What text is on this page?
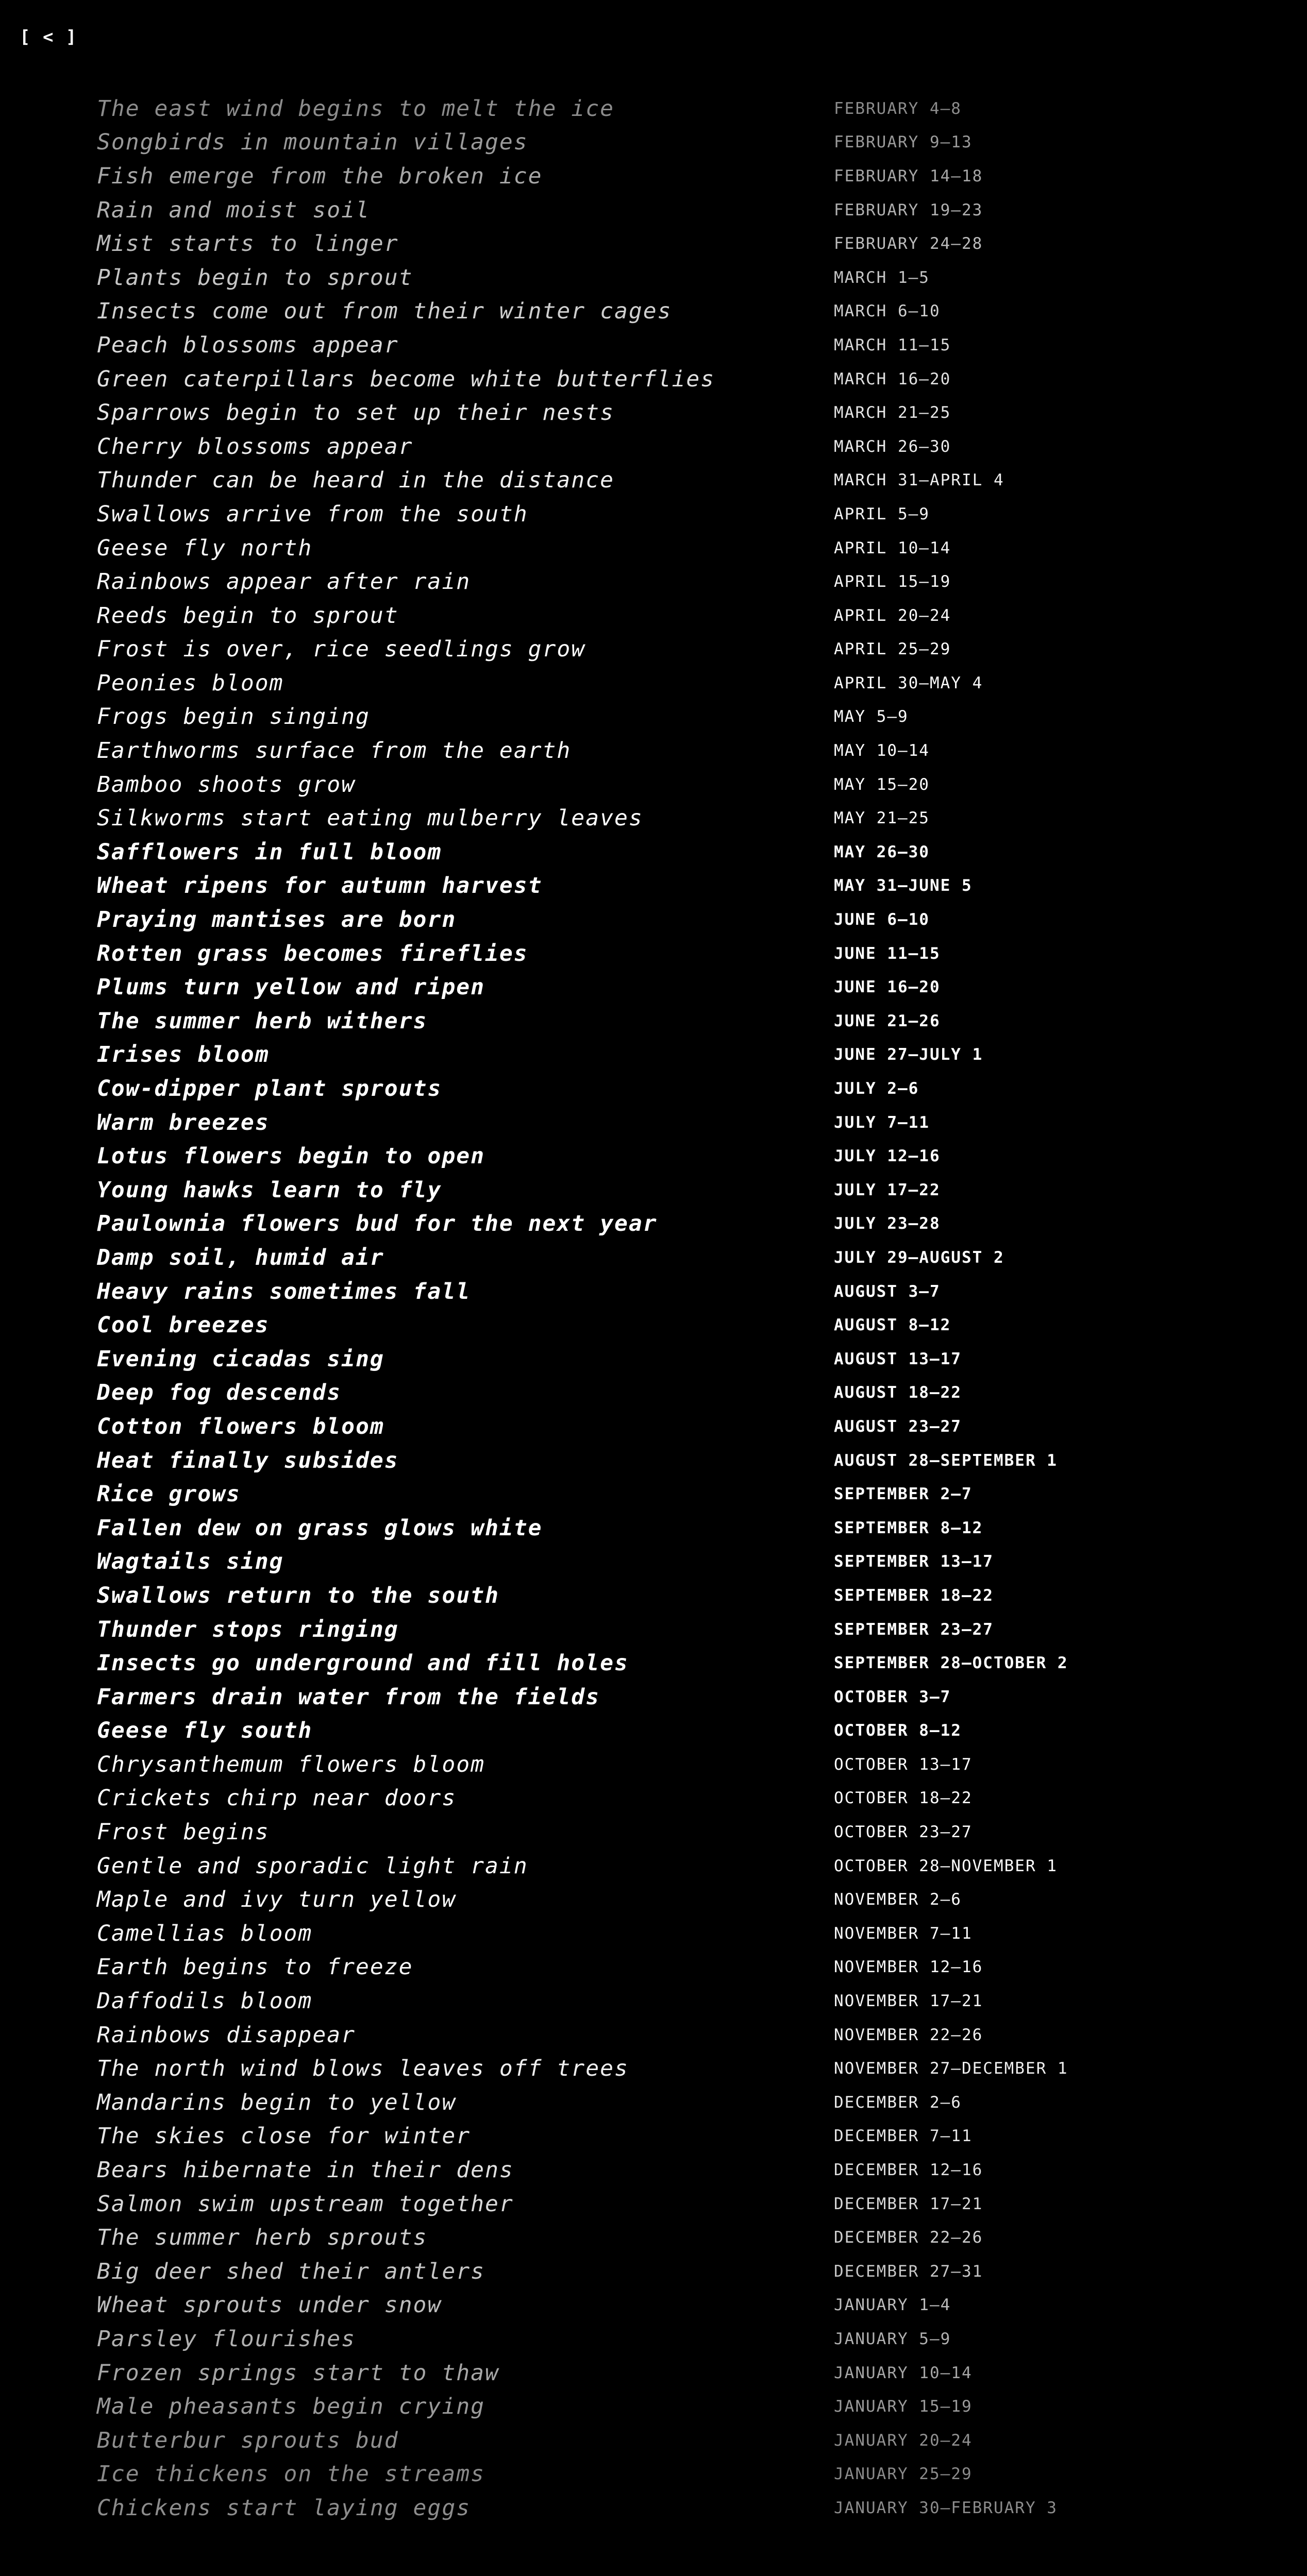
[ < ]
The east wind begins to melt the ice	FEBRUARY 4–8
Songbirds in mountain villages	FEBRUARY 9–13
Fish emerge from the broken ice	FEBRUARY 14–18
Rain and moist soil	FEBRUARY 19–23
Mist starts to linger	FEBRUARY 24–28
Plants begin to sprout	MARCH 1–5
Insects come out from their winter cages	MARCH 6–10
Peach blossoms appear	MARCH 11–15
Green caterpillars become white butterflies	MARCH 16–20
Sparrows begin to set up their nests	MARCH 21–25
Cherry blossoms appear	MARCH 26–30
Thunder can be heard in the distance	MARCH 31–APRIL 4
Swallows arrive from the south	APRIL 5–9
Geese fly north	APRIL 10–14
Rainbows appear after rain	APRIL 15–19
Reeds begin to sprout	APRIL 20–24
Frost is over, rice seedlings grow	APRIL 25–29
Peonies bloom	APRIL 30–MAY 4
Frogs begin singing	MAY 5–9
Earthworms surface from the earth	MAY 10–14
Bamboo shoots grow	MAY 15–20
Silkworms start eating mulberry leaves	MAY 21–25
Safflowers in full bloom	MAY 26–30
Wheat ripens for autumn harvest	MAY 31–JUNE 5
Praying mantises are born	JUNE 6–10
Rotten grass becomes fireflies	JUNE 11–15
Plums turn yellow and ripen	JUNE 16–20
The summer herb withers	JUNE 21–26
Irises bloom	JUNE 27–JULY 1
Cow-dipper plant sprouts	JULY 2–6
Warm breezes	JULY 7–11
Lotus flowers begin to open	JULY 12–16
Young hawks learn to fly	JULY 17–22
Paulownia flowers bud for the next year	JULY 23–28
Damp soil, humid air	JULY 29–AUGUST 2
Heavy rains sometimes fall	AUGUST 3–7
Cool breezes	AUGUST 8–12
Evening cicadas sing	AUGUST 13–17
Deep fog descends	AUGUST 18–22
Cotton flowers bloom	AUGUST 23–27
Heat finally subsides	AUGUST 28–SEPTEMBER 1
Rice grows	SEPTEMBER 2–7
Fallen dew on grass glows white	SEPTEMBER 8–12
Wagtails sing	SEPTEMBER 13–17
Swallows return to the south	SEPTEMBER 18–22
Thunder stops ringing	SEPTEMBER 23–27
Insects go underground and fill holes	SEPTEMBER 28–OCTOBER 2
Farmers drain water from the fields	OCTOBER 3–7
Geese fly south	OCTOBER 8–12
Chrysanthemum flowers bloom	OCTOBER 13–17
Crickets chirp near doors	OCTOBER 18–22
Frost begins	OCTOBER 23–27
Gentle and sporadic light rain	OCTOBER 28–NOVEMBER 1
Maple and ivy turn yellow	NOVEMBER 2–6
Camellias bloom	NOVEMBER 7–11
Earth begins to freeze	NOVEMBER 12–16
Daffodils bloom	NOVEMBER 17–21
Rainbows disappear	NOVEMBER 22–26
The north wind blows leaves off trees	NOVEMBER 27–DECEMBER 1
Mandarins begin to yellow	DECEMBER 2–6
The skies close for winter	DECEMBER 7–11
Bears hibernate in their dens	DECEMBER 12–16
Salmon swim upstream together	DECEMBER 17–21
The summer herb sprouts	DECEMBER 22–26
Big deer shed their antlers	DECEMBER 27–31
Wheat sprouts under snow	JANUARY 1–4
Parsley flourishes	JANUARY 5–9
Frozen springs start to thaw	JANUARY 10–14
Male pheasants begin crying	JANUARY 15–19
Butterbur sprouts bud	JANUARY 20–24
Ice thickens on the streams	JANUARY 25–29
Chickens start laying eggs	JANUARY 30–FEBRUARY 3
